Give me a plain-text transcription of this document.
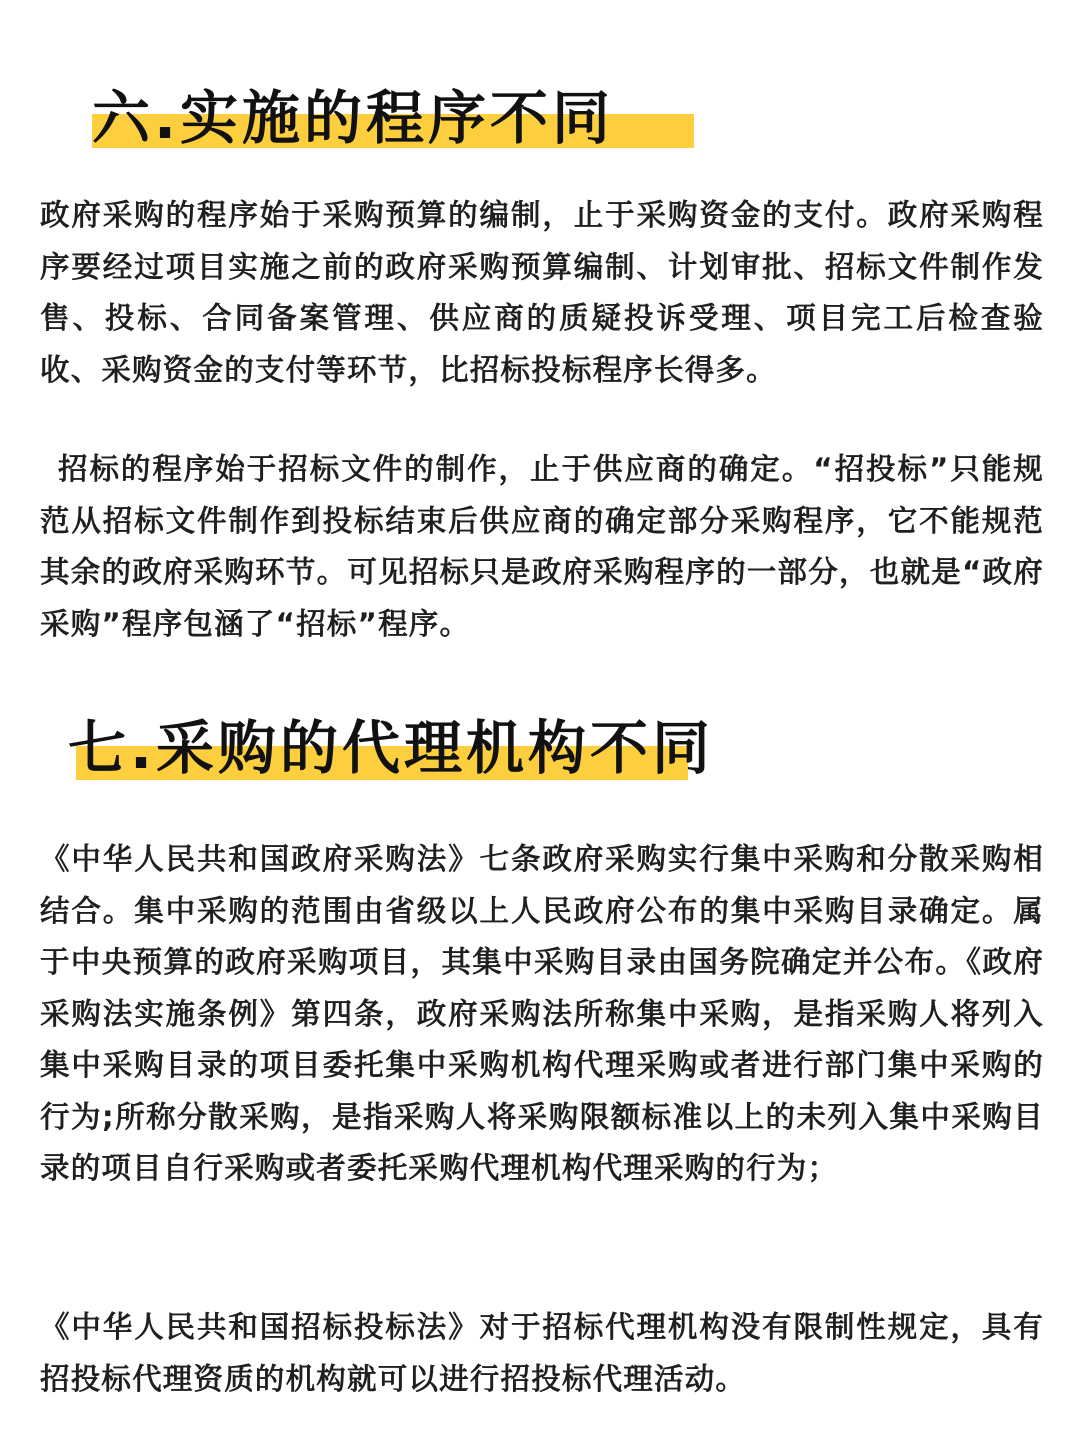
六.实施的程序不同

政府采购的程序始于采购预算的编制，止于采购资金的支付。政府采购程序要经过项目实施之前的政府采购预算编制、计划审批、招标文件制作发售、投标、合同备案管理、供应商的质疑投诉受理、项目完工后检查验收、采购资金的支付等环节，比招标投标程序长得多。

招标的程序始于招标文件的制作，止于供应商的确定。“招投标”只能规范从招标文件制作到投标结束后供应商的确定部分采购程序，它不能规范其余的政府采购环节。可见招标只是政府采购程序的一部分，也就是“政府采购”程序包涵了“招标”程序。

七.采购的代理机构不同

《中华人民共和国政府采购法》七条政府采购实行集中采购和分散采购相结合。集中采购的范围由省级以上人民政府公布的集中采购目录确定。属于中央预算的政府采购项目，其集中采购目录由国务院确定并公布。《政府采购法实施条例》第四条，政府采购法所称集中采购，是指采购人将列入集中采购目录的项目委托集中采购机构代理采购或者进行部门集中采购的行为;所称分散采购，是指采购人将采购限额标准以上的未列入集中采购目录的项目自行采购或者委托采购代理机构代理采购的行为；

《中华人民共和国招标投标法》对于招标代理机构没有限制性规定，具有招投标代理资质的机构就可以进行招投标代理活动。
